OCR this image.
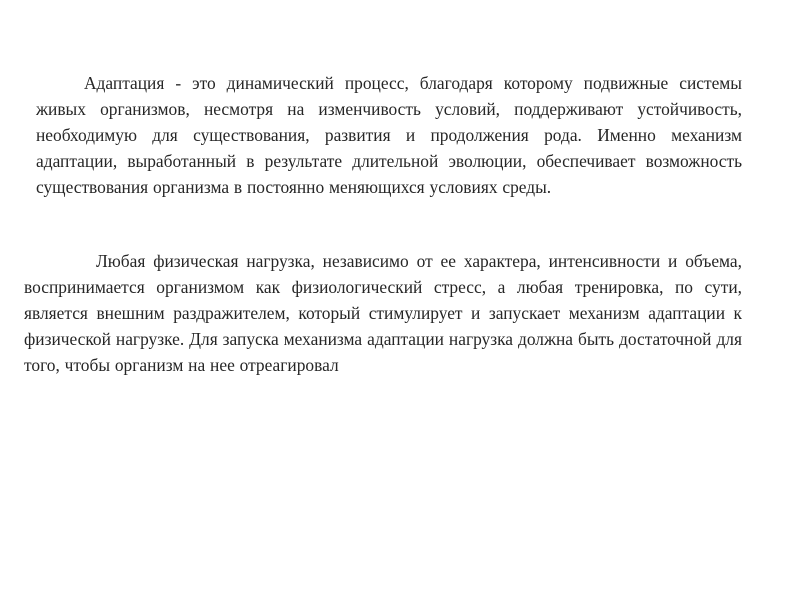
Адаптация - это динамический процесс, благодаря которому подвижные системы живых организмов, несмотря на изменчивость условий, поддерживают устойчивость, необходимую для существования, развития и продолжения рода. Именно механизм адаптации, выработанный в результате длительной эволюции, обеспечивает возможность существования организма в постоянно меняющихся условиях среды.

Любая физическая нагрузка, независимо от ее характера, интенсивности и объема, воспринимается организмом как физиологический стресс, а любая тренировка, по сути, является внешним раздражителем, который стимулирует и запускает механизм адаптации к физической нагрузке. Для запуска механизма адаптации нагрузка должна быть достаточной для того, чтобы организм на нее отреагировал
